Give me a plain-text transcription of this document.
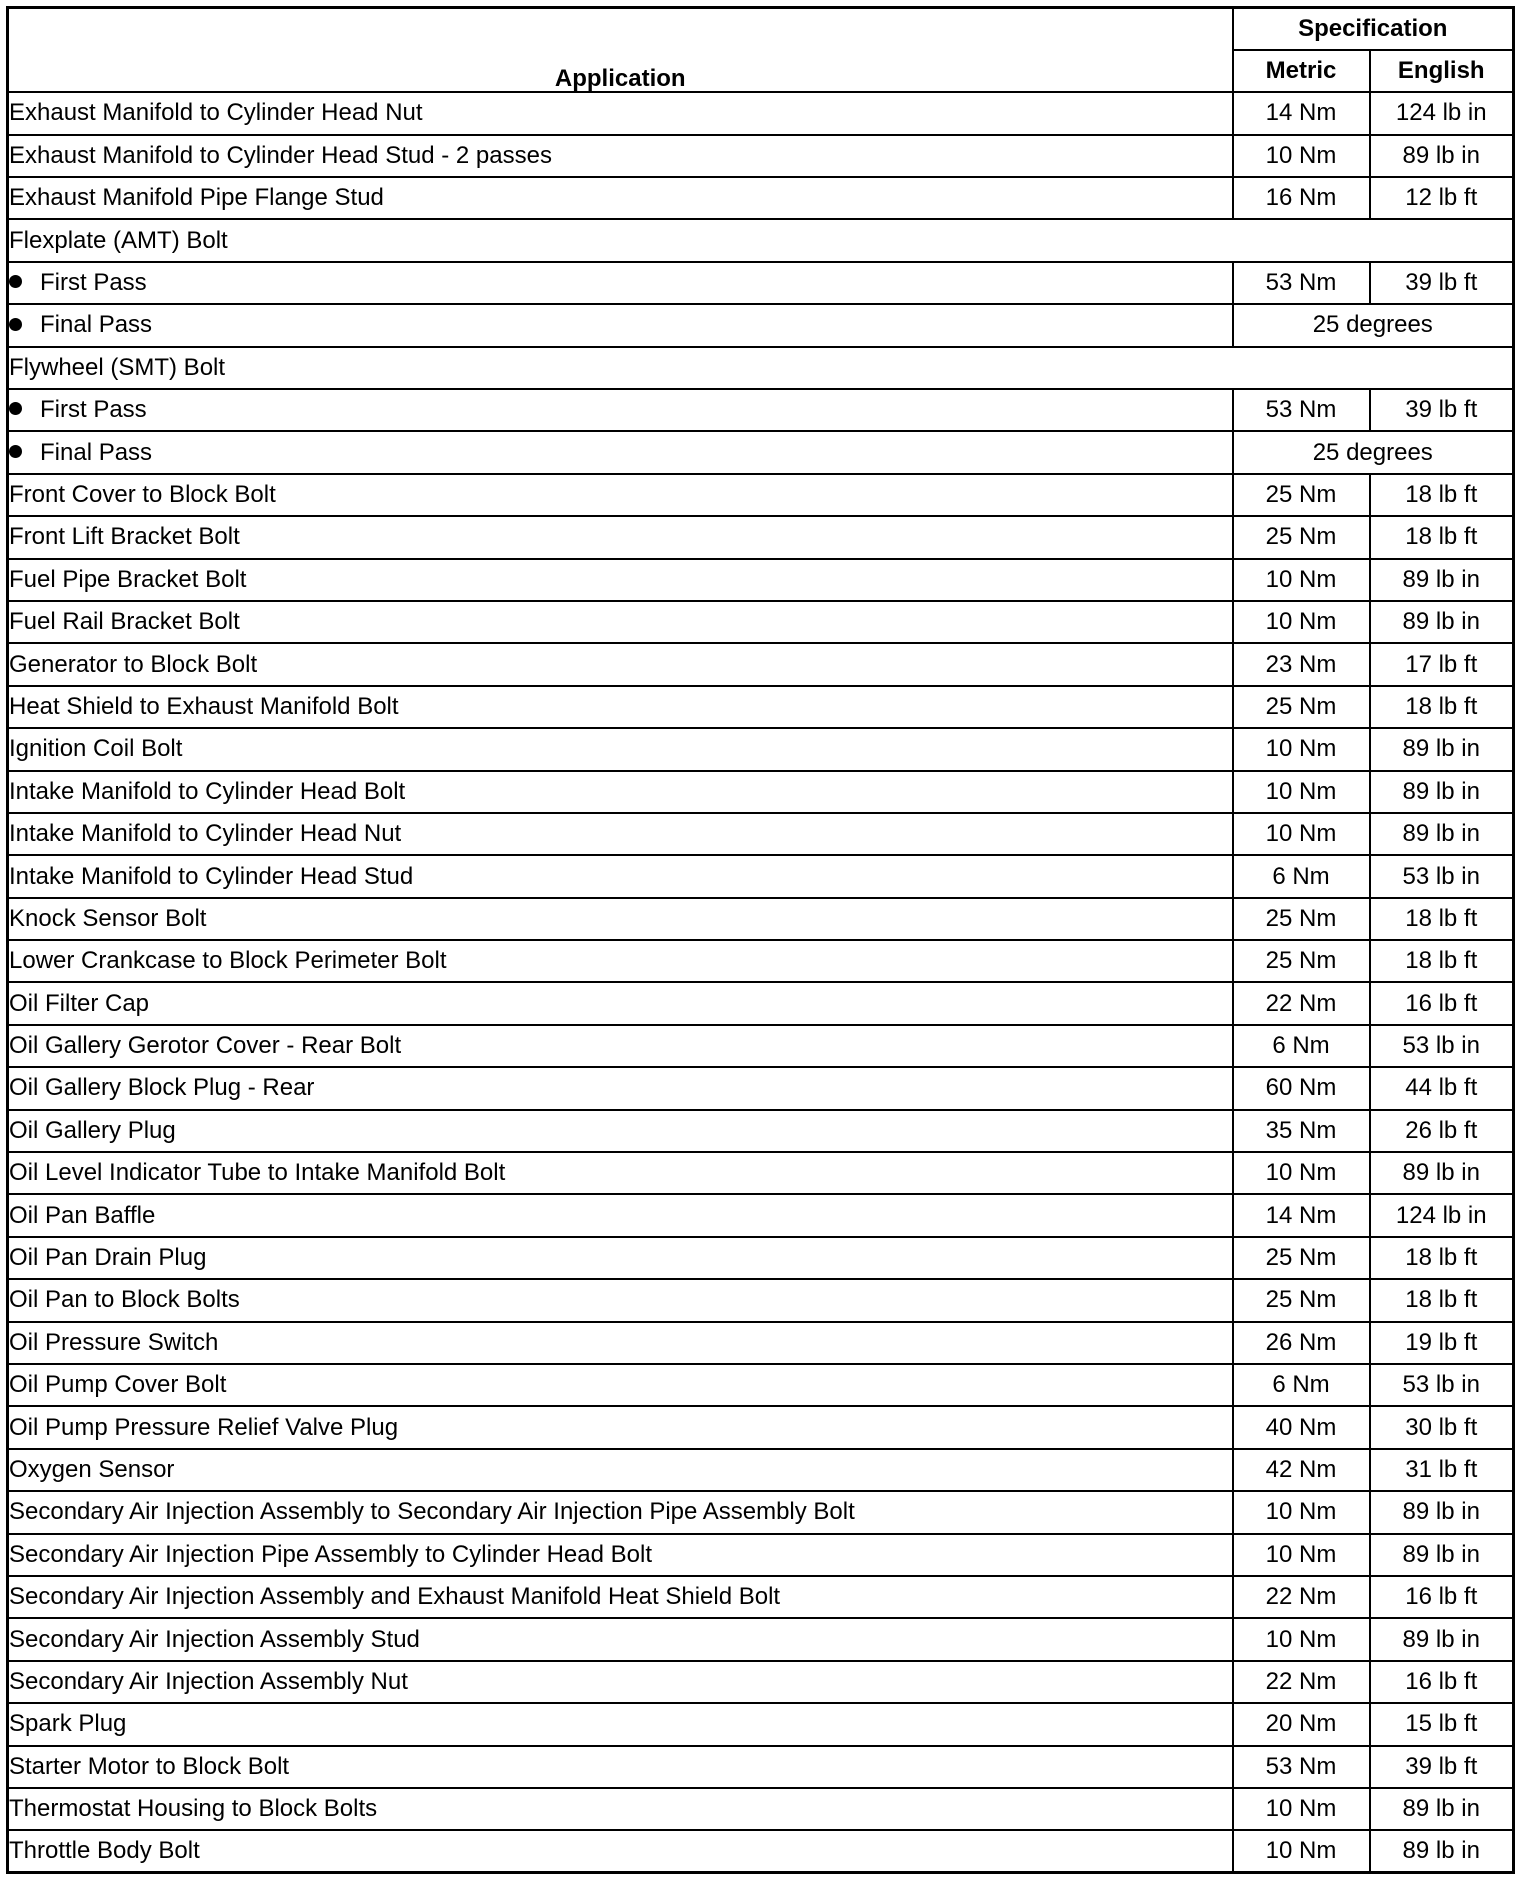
Application	Specification	
	Metric	English
Exhaust Manifold to Cylinder Head Nut	14 Nm	124 lb in
Exhaust Manifold to Cylinder Head Stud - 2 passes	10 Nm	89 lb in
Exhaust Manifold Pipe Flange Stud	16 Nm	12 lb ft
Flexplate (AMT) Bolt		
First Pass	53 Nm	39 lb ft
Final Pass	25 degrees	
Flywheel (SMT) Bolt		
First Pass	53 Nm	39 lb ft
Final Pass	25 degrees	
Front Cover to Block Bolt	25 Nm	18 lb ft
Front Lift Bracket Bolt	25 Nm	18 lb ft
Fuel Pipe Bracket Bolt	10 Nm	89 lb in
Fuel Rail Bracket Bolt	10 Nm	89 lb in
Generator to Block Bolt	23 Nm	17 lb ft
Heat Shield to Exhaust Manifold Bolt	25 Nm	18 lb ft
Ignition Coil Bolt	10 Nm	89 lb in
Intake Manifold to Cylinder Head Bolt	10 Nm	89 lb in
Intake Manifold to Cylinder Head Nut	10 Nm	89 lb in
Intake Manifold to Cylinder Head Stud	6 Nm	53 lb in
Knock Sensor Bolt	25 Nm	18 lb ft
Lower Crankcase to Block Perimeter Bolt	25 Nm	18 lb ft
Oil Filter Cap	22 Nm	16 lb ft
Oil Gallery Gerotor Cover - Rear Bolt	6 Nm	53 lb in
Oil Gallery Block Plug - Rear	60 Nm	44 lb ft
Oil Gallery Plug	35 Nm	26 lb ft
Oil Level Indicator Tube to Intake Manifold Bolt	10 Nm	89 lb in
Oil Pan Baffle	14 Nm	124 lb in
Oil Pan Drain Plug	25 Nm	18 lb ft
Oil Pan to Block Bolts	25 Nm	18 lb ft
Oil Pressure Switch	26 Nm	19 lb ft
Oil Pump Cover Bolt	6 Nm	53 lb in
Oil Pump Pressure Relief Valve Plug	40 Nm	30 lb ft
Oxygen Sensor	42 Nm	31 lb ft
Secondary Air Injection Assembly to Secondary Air Injection Pipe Assembly Bolt	10 Nm	89 lb in
Secondary Air Injection Pipe Assembly to Cylinder Head Bolt	10 Nm	89 lb in
Secondary Air Injection Assembly and Exhaust Manifold Heat Shield Bolt	22 Nm	16 lb ft
Secondary Air Injection Assembly Stud	10 Nm	89 lb in
Secondary Air Injection Assembly Nut	22 Nm	16 lb ft
Spark Plug	20 Nm	15 lb ft
Starter Motor to Block Bolt	53 Nm	39 lb ft
Thermostat Housing to Block Bolts	10 Nm	89 lb in
Throttle Body Bolt	10 Nm	89 lb in
